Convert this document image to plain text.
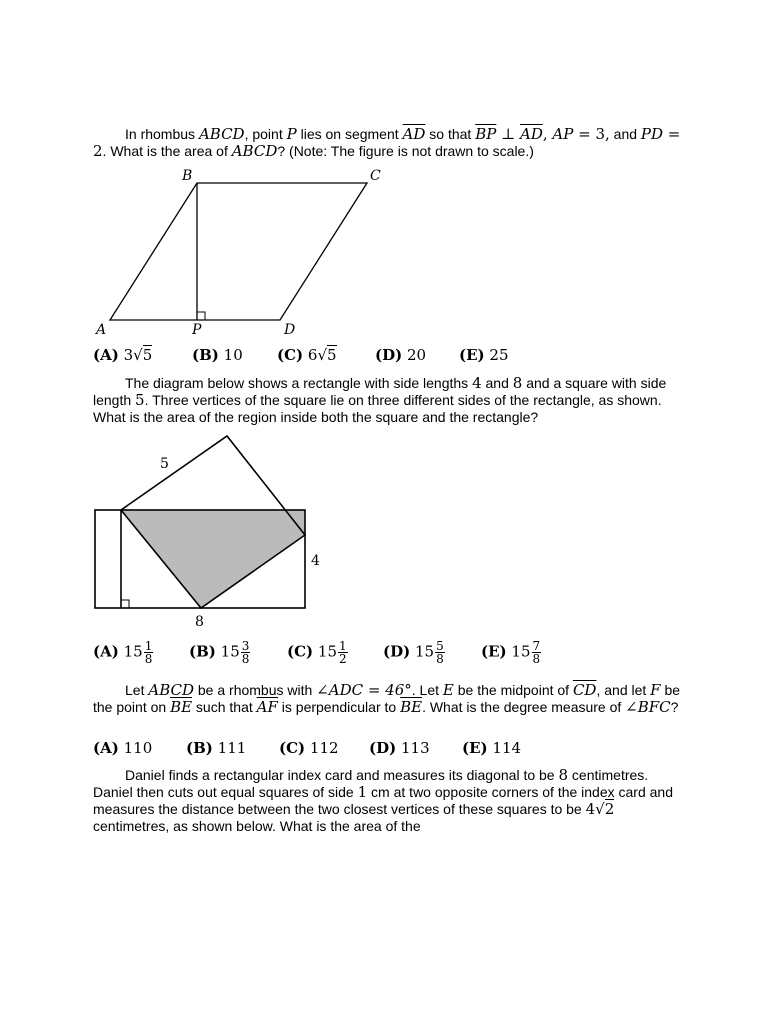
In rhombus ABCD, point P lies on segment $\overline{AD}$ so that $\overline{BP}$ ⊥ $\overline{AD}$, AP = 3, and PD = 2. What is the area of ABCD? (Note: The figure is not drawn to scale.)

B	C
A	P	D
(A) 3√5	(B) 10 (C) 6√5	(D) 20 (E) 25

The diagram below shows a rectangle with side lengths 4 and 8 and a square with side length 5. Three vertices of the square lie on three different sides of the rectangle, as shown. What is the area of the region inside both the square and the rectangle?

5
4
8
(A) $15 \frac{1}{8} (B)$ $15 \frac{3}{8} (C)$ $15 \frac{1}{2} (D)$ $15 \frac{5}{8} (E)$ $15 \frac{7}{8}$

Let ABCD be a rhombus with ∠ADC = 46°. Let E be the midpoint of $\overline{CD}$, and let F be the point on $\overline{BE}$ such that $\overline{AF}$ is perpendicular to $\overline{BE}$. What is the degree measure of ∠BFC?

(A) 110 (B) 111 (C) 112 (D) 113 (E) 114

Daniel finds a rectangular index card and measures its diagonal to be 8 centimetres. Daniel then cuts out equal squares of side 1 cm at two opposite corners of the index card and measures the distance between the two closest vertices of these squares to be 4√2 centimetres, as shown below. What is the area of the
